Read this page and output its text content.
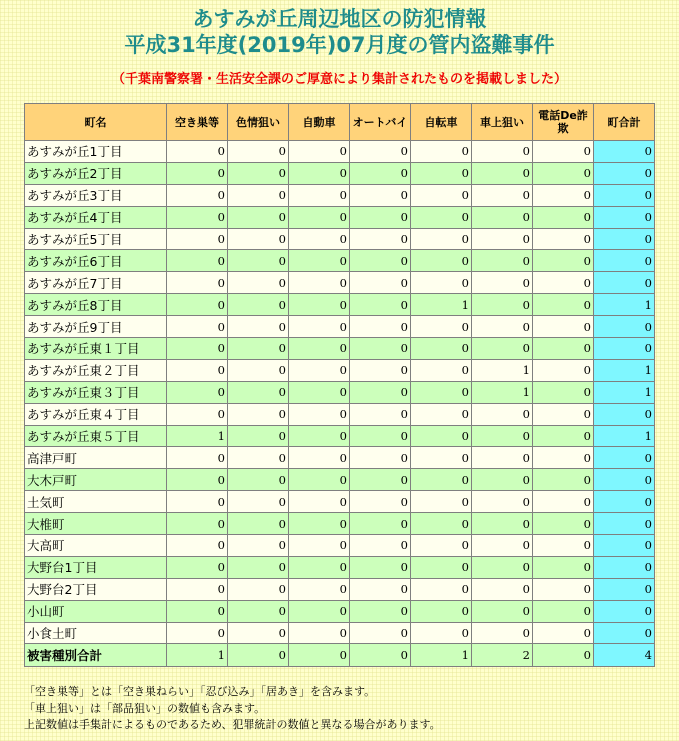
あすみが丘周辺地区の防犯情報
平成31年度(2019年)07月度の管内盗難事件
（千葉南警察署・生活安全課のご厚意により集計されたものを掲載しました）
町名	空き巣等	色情狙い	自動車	オートバイ	自転車	車上狙い	電話De詐欺	町合計
あすみが丘1丁目	0	0	0	0	0	0	0	0
あすみが丘2丁目	0	0	0	0	0	0	0	0
あすみが丘3丁目	0	0	0	0	0	0	0	0
あすみが丘4丁目	0	0	0	0	0	0	0	0
あすみが丘5丁目	0	0	0	0	0	0	0	0
あすみが丘6丁目	0	0	0	0	0	0	0	0
あすみが丘7丁目	0	0	0	0	0	0	0	0
あすみが丘8丁目	0	0	0	0	1	0	0	1
あすみが丘9丁目	0	0	0	0	0	0	0	0
あすみが丘東１丁目	0	0	0	0	0	0	0	0
あすみが丘東２丁目	0	0	0	0	0	1	0	1
あすみが丘東３丁目	0	0	0	0	0	1	0	1
あすみが丘東４丁目	0	0	0	0	0	0	0	0
あすみが丘東５丁目	1	0	0	0	0	0	0	1
高津戸町	0	0	0	0	0	0	0	0
大木戸町	0	0	0	0	0	0	0	0
土気町	0	0	0	0	0	0	0	0
大椎町	0	0	0	0	0	0	0	0
大高町	0	0	0	0	0	0	0	0
大野台1丁目	0	0	0	0	0	0	0	0
大野台2丁目	0	0	0	0	0	0	0	0
小山町	0	0	0	0	0	0	0	0
小食土町	0	0	0	0	0	0	0	0
被害種別合計	1	0	0	0	1	2	0	4
「空き巣等」とは「空き巣ねらい」「忍び込み」「居あき」を含みます。
「車上狙い」は「部品狙い」の数値も含みます。
上記数値は手集計によるものであるため、犯罪統計の数値と異なる場合があります。
